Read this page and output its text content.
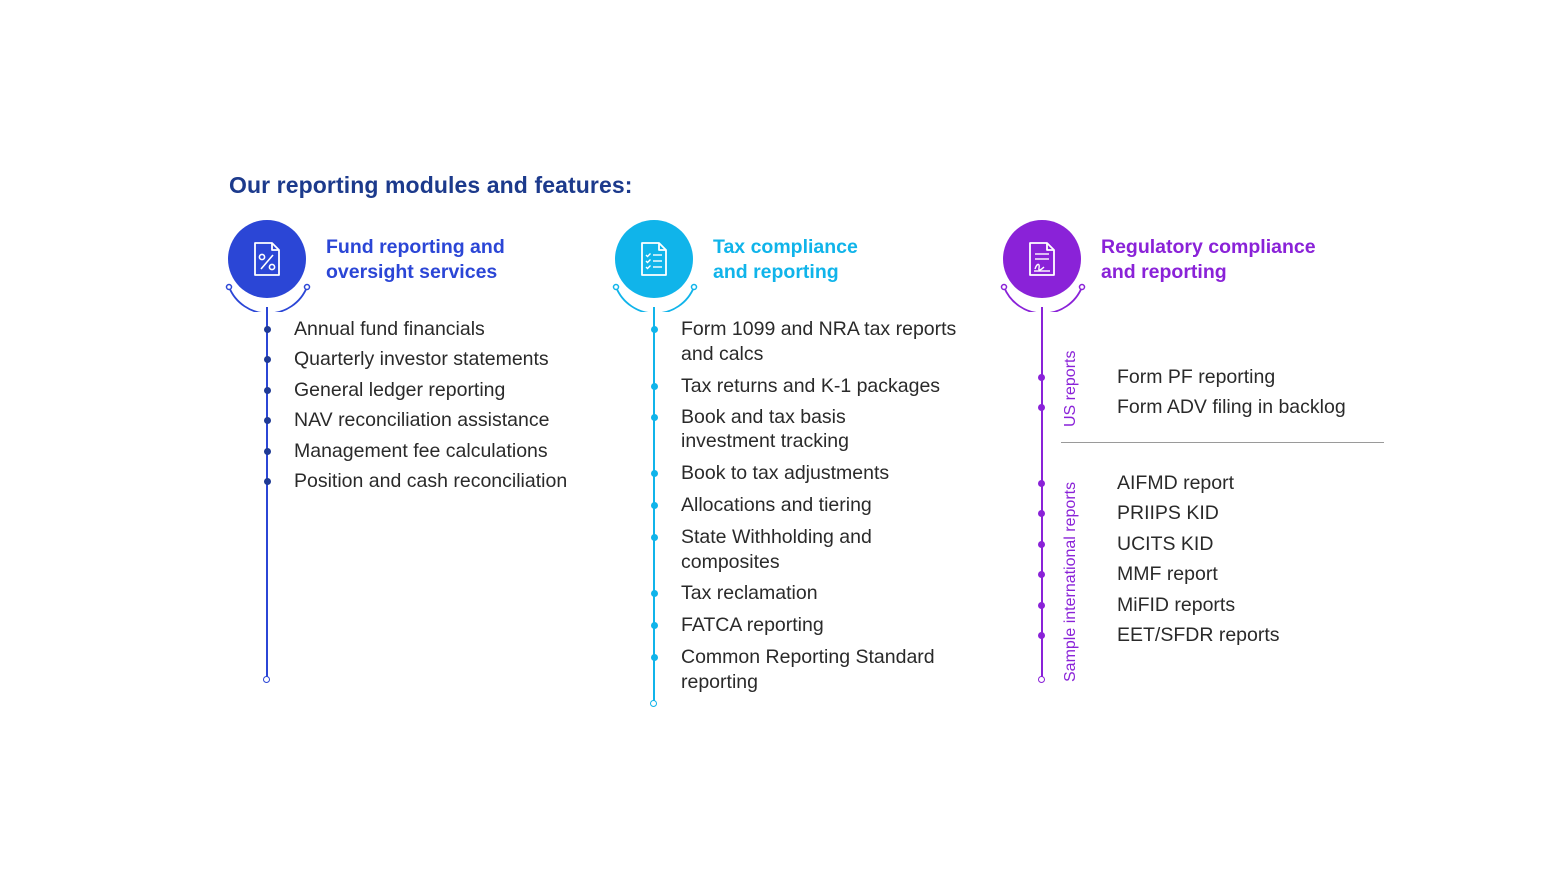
Our reporting modules and features:
Fund reporting and
oversight services
Annual fund financials
Quarterly investor statements
General ledger reporting
NAV reconciliation assistance
Management fee calculations
Position and cash reconciliation
Tax compliance
and reporting
Form 1099 and NRA tax reports
and calcs
Tax returns and K-1 packages
Book and tax basis
investment tracking
Book to tax adjustments
Allocations and tiering
State Withholding and
composites
Tax reclamation
FATCA reporting
Common Reporting Standard
reporting
Regulatory compliance
and reporting
US reports Form PF reporting
Form ADV filing in backlog
Sample international reports AIFMD report
PRIIPS KID
UCITS KID
MMF report
MiFID reports
EET/SFDR reports
